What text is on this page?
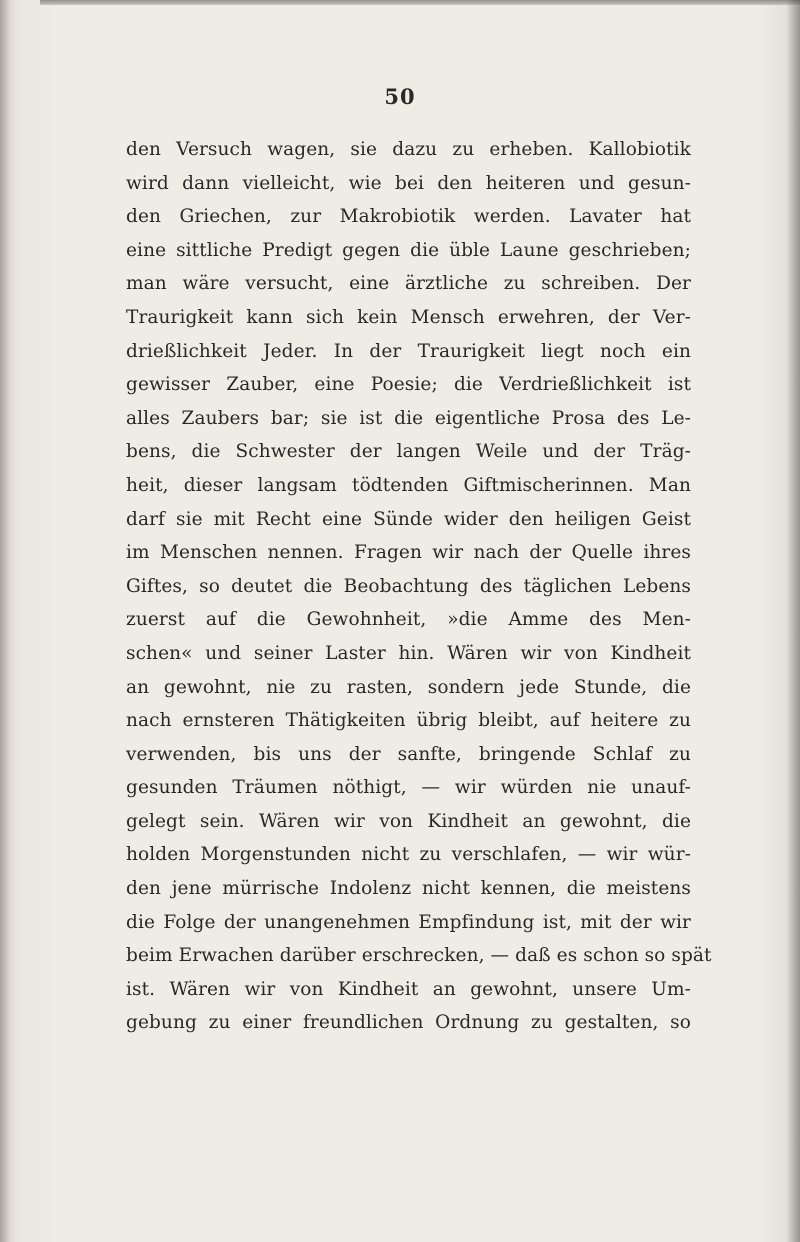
50
den Versuch wagen, sie dazu zu erheben. Kallobiotik
wird dann vielleicht, wie bei den heiteren und gesun-
den Griechen, zur Makrobiotik werden. Lavater hat
eine sittliche Predigt gegen die üble Laune geschrieben;
man wäre versucht, eine ärztliche zu schreiben. Der
Traurigkeit kann sich kein Mensch erwehren, der Ver-
drießlichkeit Jeder. In der Traurigkeit liegt noch ein
gewisser Zauber, eine Poesie; die Verdrießlichkeit ist
alles Zaubers bar; sie ist die eigentliche Prosa des Le-
bens, die Schwester der langen Weile und der Träg-
heit, dieser langsam tödtenden Giftmischerinnen. Man
darf sie mit Recht eine Sünde wider den heiligen Geist
im Menschen nennen. Fragen wir nach der Quelle ihres
Giftes, so deutet die Beobachtung des täglichen Lebens
zuerst auf die Gewohnheit, »die Amme des Men-
schen« und seiner Laster hin. Wären wir von Kindheit
an gewohnt, nie zu rasten, sondern jede Stunde, die
nach ernsteren Thätigkeiten übrig bleibt, auf heitere zu
verwenden, bis uns der sanfte, bringende Schlaf zu
gesunden Träumen nöthigt, — wir würden nie unauf-
gelegt sein. Wären wir von Kindheit an gewohnt, die
holden Morgenstunden nicht zu verschlafen, — wir wür-
den jene mürrische Indolenz nicht kennen, die meistens
die Folge der unangenehmen Empfindung ist, mit der wir
beim Erwachen darüber erschrecken, — daß es schon so spät
ist. Wären wir von Kindheit an gewohnt, unsere Um-
gebung zu einer freundlichen Ordnung zu gestalten, so
